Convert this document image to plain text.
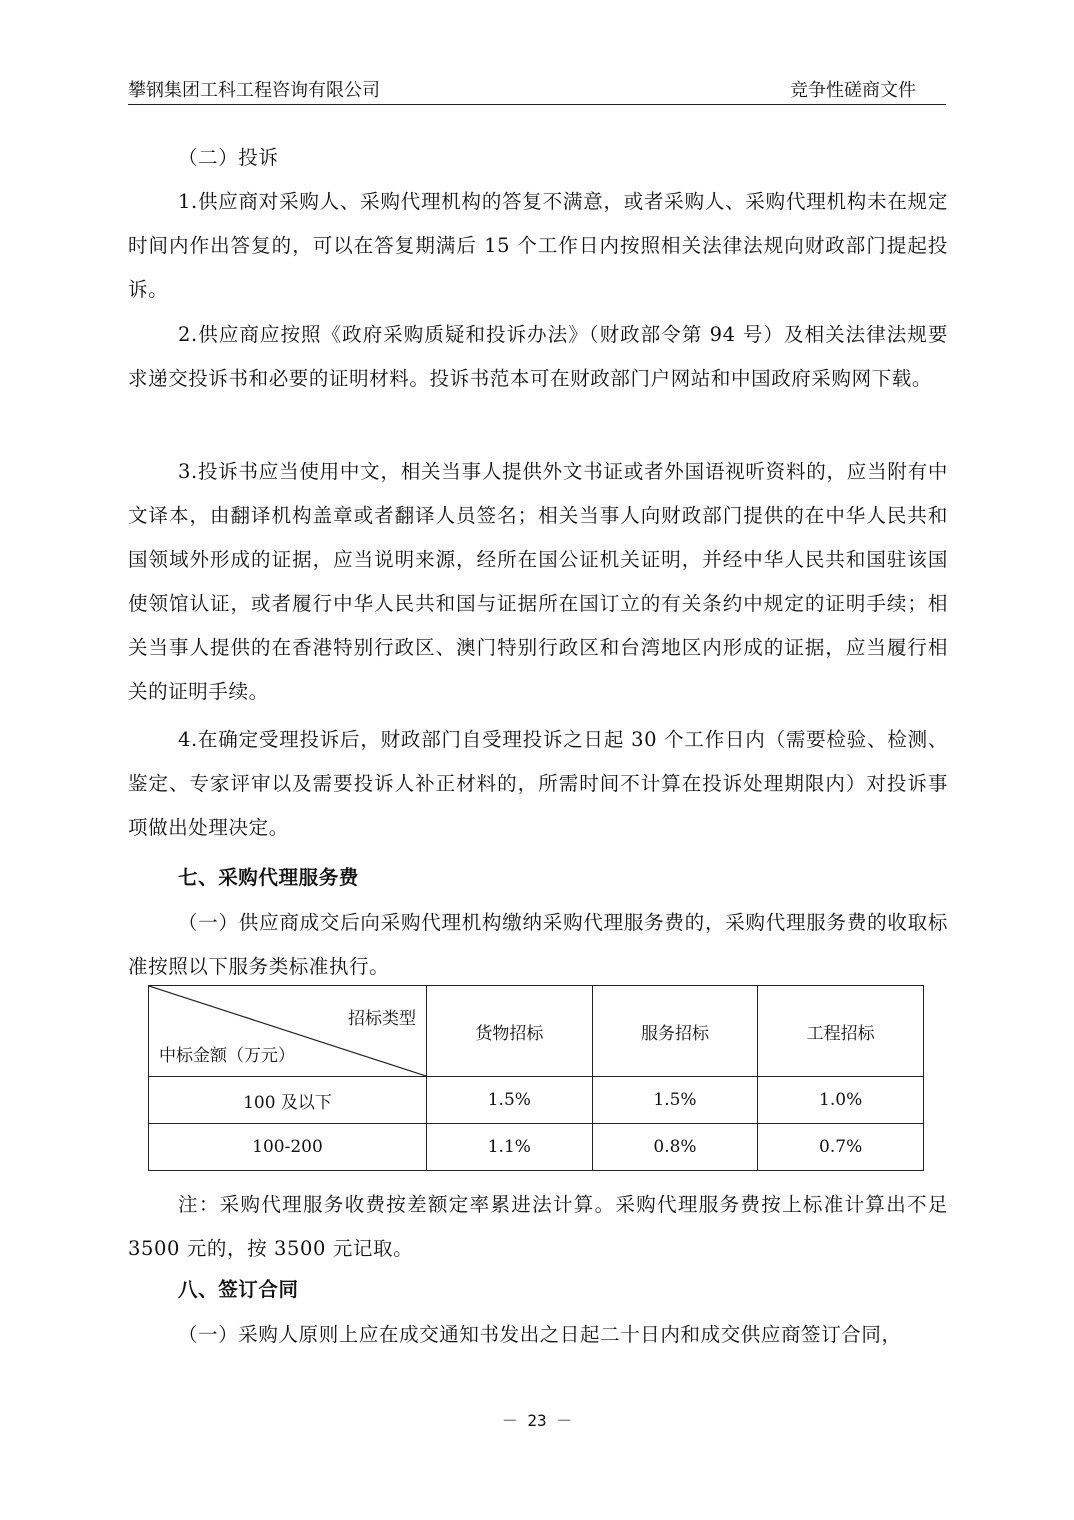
攀钢集团工科工程咨询有限公司	竞争性磋商文件

（二）投诉

1.供应商对采购人、采购代理机构的答复不满意，或者采购人、采购代理机构未在规定时间内作出答复的，可以在答复期满后 15 个工作日内按照相关法律法规向财政部门提起投诉。

2.供应商应按照《政府采购质疑和投诉办法》（财政部令第 94 号）及相关法律法规要求递交投诉书和必要的证明材料。投诉书范本可在财政部门户网站和中国政府采购网下载。

3.投诉书应当使用中文，相关当事人提供外文书证或者外国语视听资料的，应当附有中文译本，由翻译机构盖章或者翻译人员签名；相关当事人向财政部门提供的在中华人民共和国领域外形成的证据，应当说明来源，经所在国公证机关证明，并经中华人民共和国驻该国使领馆认证，或者履行中华人民共和国与证据所在国订立的有关条约中规定的证明手续；相关当事人提供的在香港特别行政区、澳门特别行政区和台湾地区内形成的证据，应当履行相关的证明手续。

4.在确定受理投诉后，财政部门自受理投诉之日起 30 个工作日内（需要检验、检测、鉴定、专家评审以及需要投诉人补正材料的，所需时间不计算在投诉处理期限内）对投诉事项做出处理决定。

七、采购代理服务费

（一）供应商成交后向采购代理机构缴纳采购代理服务费的，采购代理服务费的收取标准按照以下服务类标准执行。

招标类型
中标金额（万元）	货物招标	服务招标	工程招标
100 及以下	1.5%	1.5%	1.0%
100-200	1.1%	0.8%	0.7%

注：采购代理服务收费按差额定率累进法计算。采购代理服务费按上标准计算出不足 3500 元的，按 3500 元记取。

八、签订合同

（一）采购人原则上应在成交通知书发出之日起二十日内和成交供应商签订合同，

－ 23 －
